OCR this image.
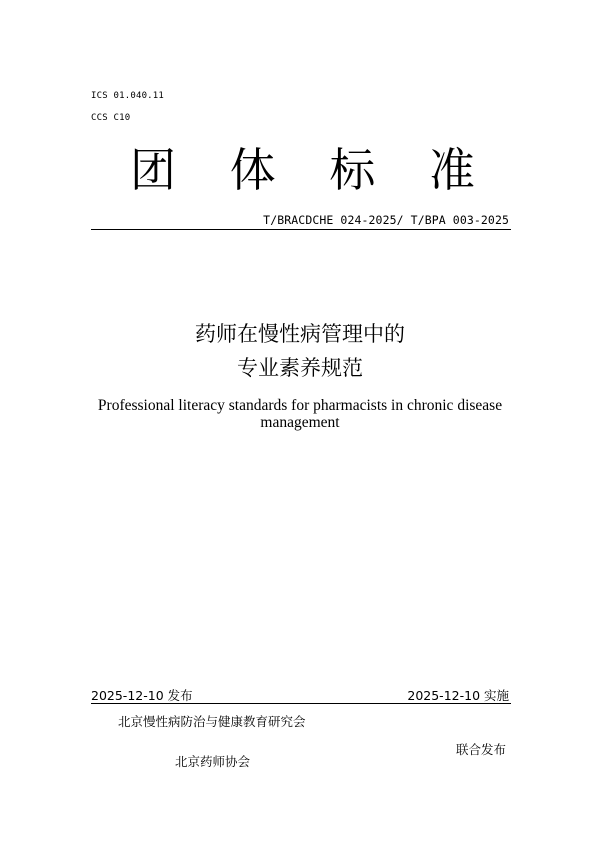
ICS 01.040.11
CCS C10
团 体 标 准
T/BRACDCHE 024-2025/ T/BPA 003-2025
药师在慢性病管理中的
专业素养规范
Professional literacy standards for pharmacists in chronic disease management
2025-12-10 发布	2025-12-10 实施
北京慢性病防治与健康教育研究会
北京药师协会
联合发布
